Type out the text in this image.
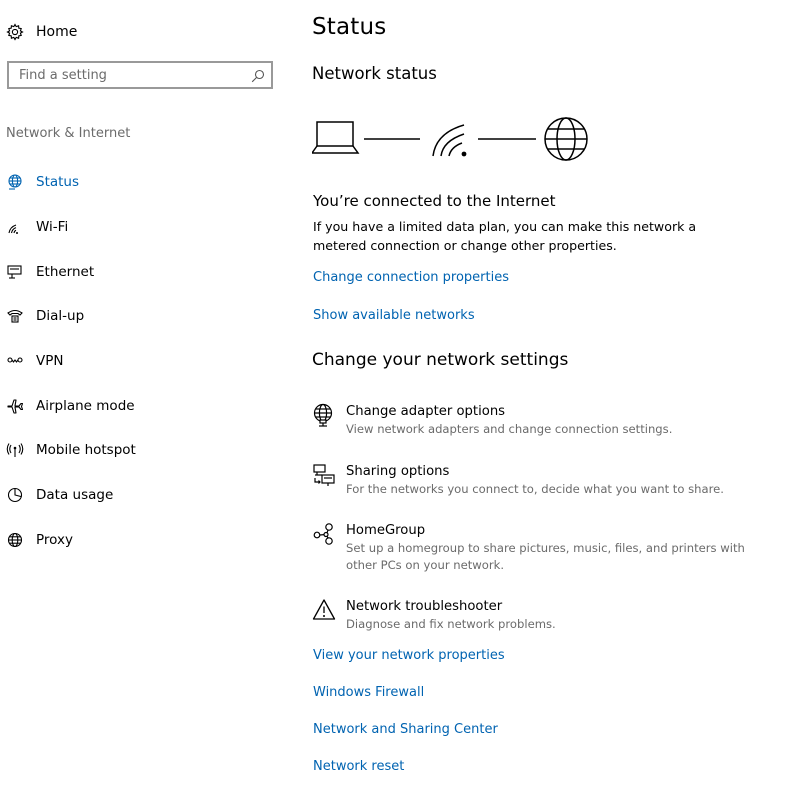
Home
Find a setting
Network & Internet
Status
Wi-Fi
Ethernet
Dial-up
VPN
Airplane mode
Mobile hotspot
Data usage
Proxy
Status
Network status
You’re connected to the Internet
If you have a limited data plan, you can make this network a metered connection or change other properties.
Change connection properties
Show available networks
Change your network settings
Change adapter options
View network adapters and change connection settings.
Sharing options
For the networks you connect to, decide what you want to share.
HomeGroup
Set up a homegroup to share pictures, music, files, and printers with other PCs on your network.
Network troubleshooter
Diagnose and fix network problems.
View your network properties
Windows Firewall
Network and Sharing Center
Network reset
